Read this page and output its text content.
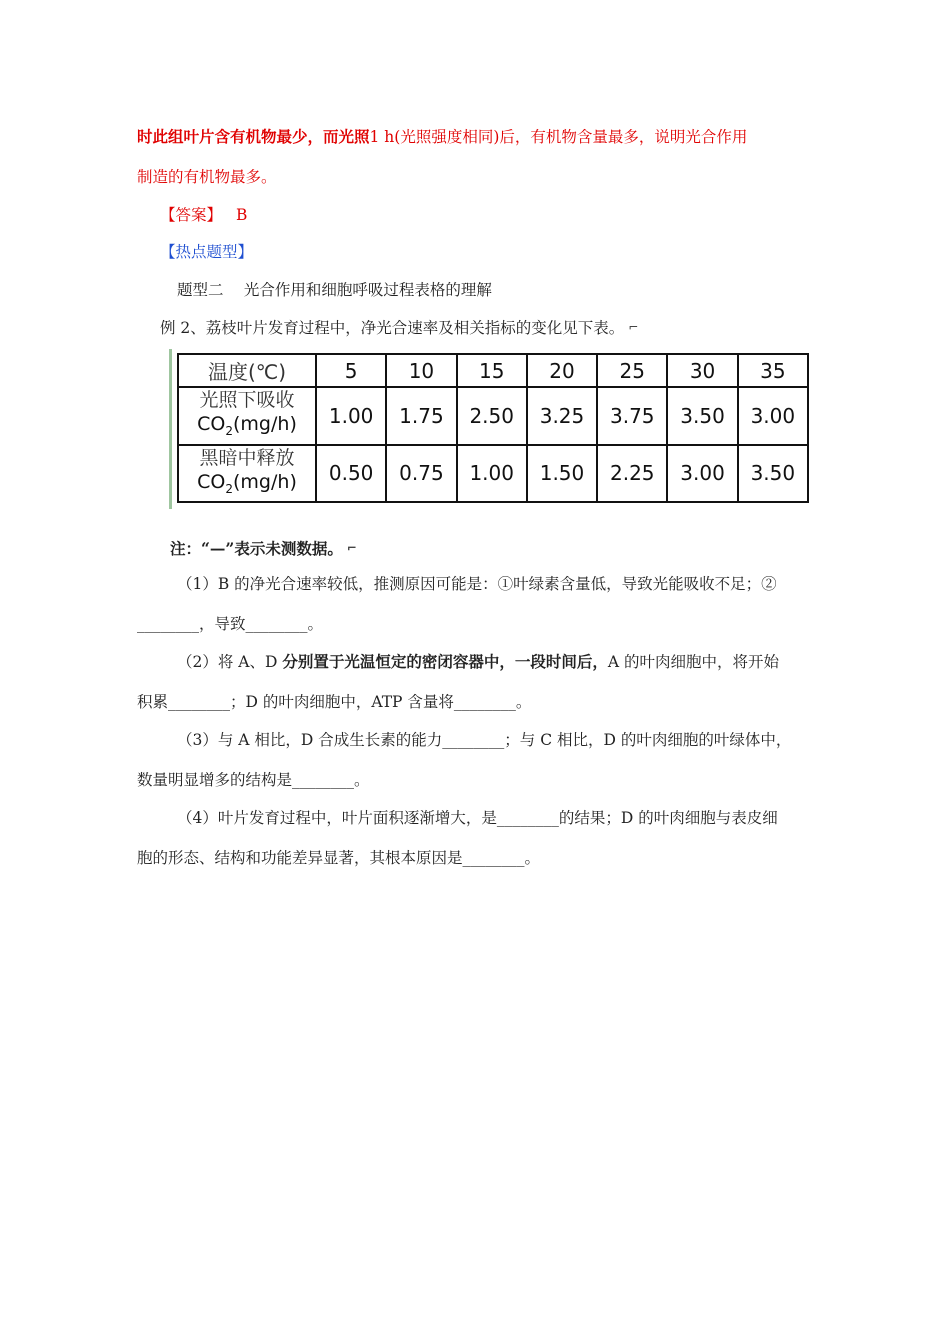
时此组叶片含有机物最少，而光照1 h(光照强度相同)后，有机物含量最多，说明光合作用
制造的有机物最多。
【答案】 B
【热点题型】
题型二　 光合作用和细胞呼吸过程表格的理解
例 2、荔枝叶片发育过程中，净光合速率及相关指标的变化见下表。 ⌐
温度(℃)	5	10	15	20	25	30	35
光照下吸收
$CO_2(mg/h)$	1.00	1.75	2.50	3.25	3.75	3.50	3.00
黑暗中释放
$CO_2(mg/h)$	0.50	0.75	1.00	1.50	2.25	3.00	3.50
注：“—”表示未测数据。 ⌐
（1）B 的净光合速率较低，推测原因可能是：①叶绿素含量低，导致光能吸收不足；②
________，导致________。
（2）将 A、D 分别置于光温恒定的密闭容器中，一段时间后，A 的叶肉细胞中，将开始
积累________；D 的叶肉细胞中，ATP 含量将________。
（3）与 A 相比，D 合成生长素的能力________；与 C 相比，D 的叶肉细胞的叶绿体中，
数量明显增多的结构是________。
（4）叶片发育过程中，叶片面积逐渐增大，是________的结果；D 的叶肉细胞与表皮细
胞的形态、结构和功能差异显著，其根本原因是________。
